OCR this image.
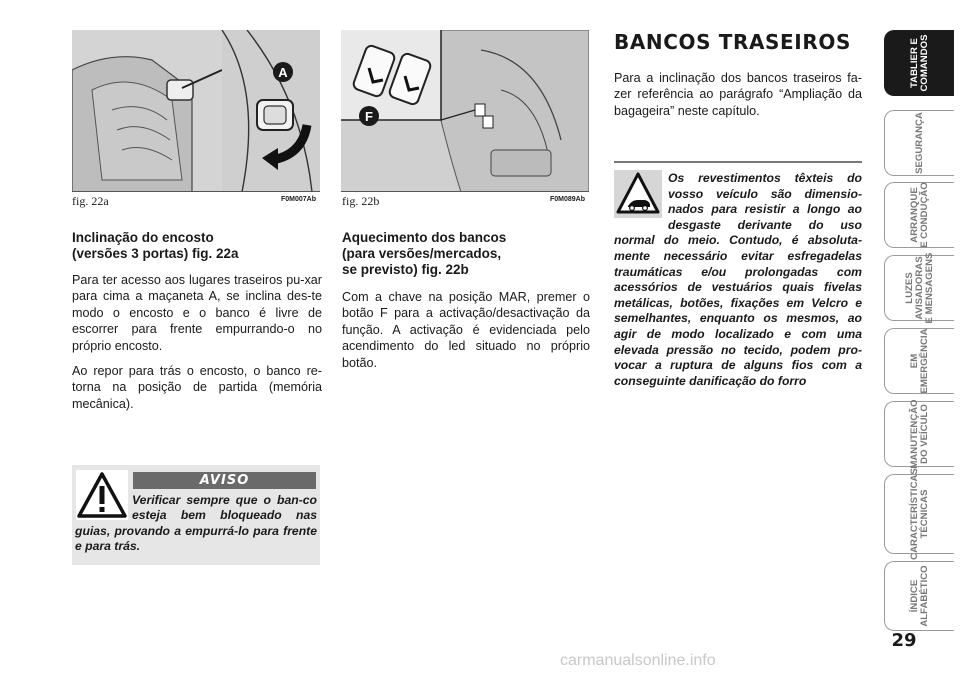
A
fig. 22a	F0M007Ab
F
fig. 22b	F0M089Ab
Inclinação do encosto
(versões 3 portas) fig. 22a

Para ter acesso aos lugares traseiros pu-xar para cima a maçaneta A, se inclina des-te modo o encosto e o banco é livre de escorrer para frente empurrando-o no próprio encosto.

Ao repor para trás o encosto, o banco re-torna na posição de partida (memória mecânica).

AVISO
Verificar sempre que o ban-co esteja bem bloqueado nas guias, provando a empurrá-lo para frente e para trás.
Aquecimento dos bancos
(para versões/mercados,
se previsto) fig. 22b

Com a chave na posição MAR, premer o botão F para a activação/desactivação da função. A activação é evidenciada pelo acendimento do led situado no próprio botão.

BANCOS TRASEIROS

Para a inclinação dos bancos traseiros fa-zer referência ao parágrafo “Ampliação da bagageira” neste capítulo.

Os revestimentos têxteis do vosso veículo são dimensio-nados para resistir a longo ao desgaste derivante do uso normal do meio. Contudo, é absoluta-mente necessário evitar esfregadelas traumáticas e/ou prolongadas com acessórios de vestuários quais fivelas metálicas, botões, fixações em Velcro e semelhantes, enquanto os mesmos, ao agir de modo localizado e com uma elevada pressão no tecido, podem pro-vocar a ruptura de alguns fios com a conseguinte danificação do forro
TABLIER E COMANDOS
SEGURANÇA
ARRANQUE E CONDUÇÃO
LUZES AVISADORAS E MENSAGENS
EM EMERGÊNCIA
MANUTENÇÃO DO VEÍCULO
CARACTERÍSTICAS TÉCNICAS
ÍNDICE ALFABÉTICO
29
carmanualsonline.info
